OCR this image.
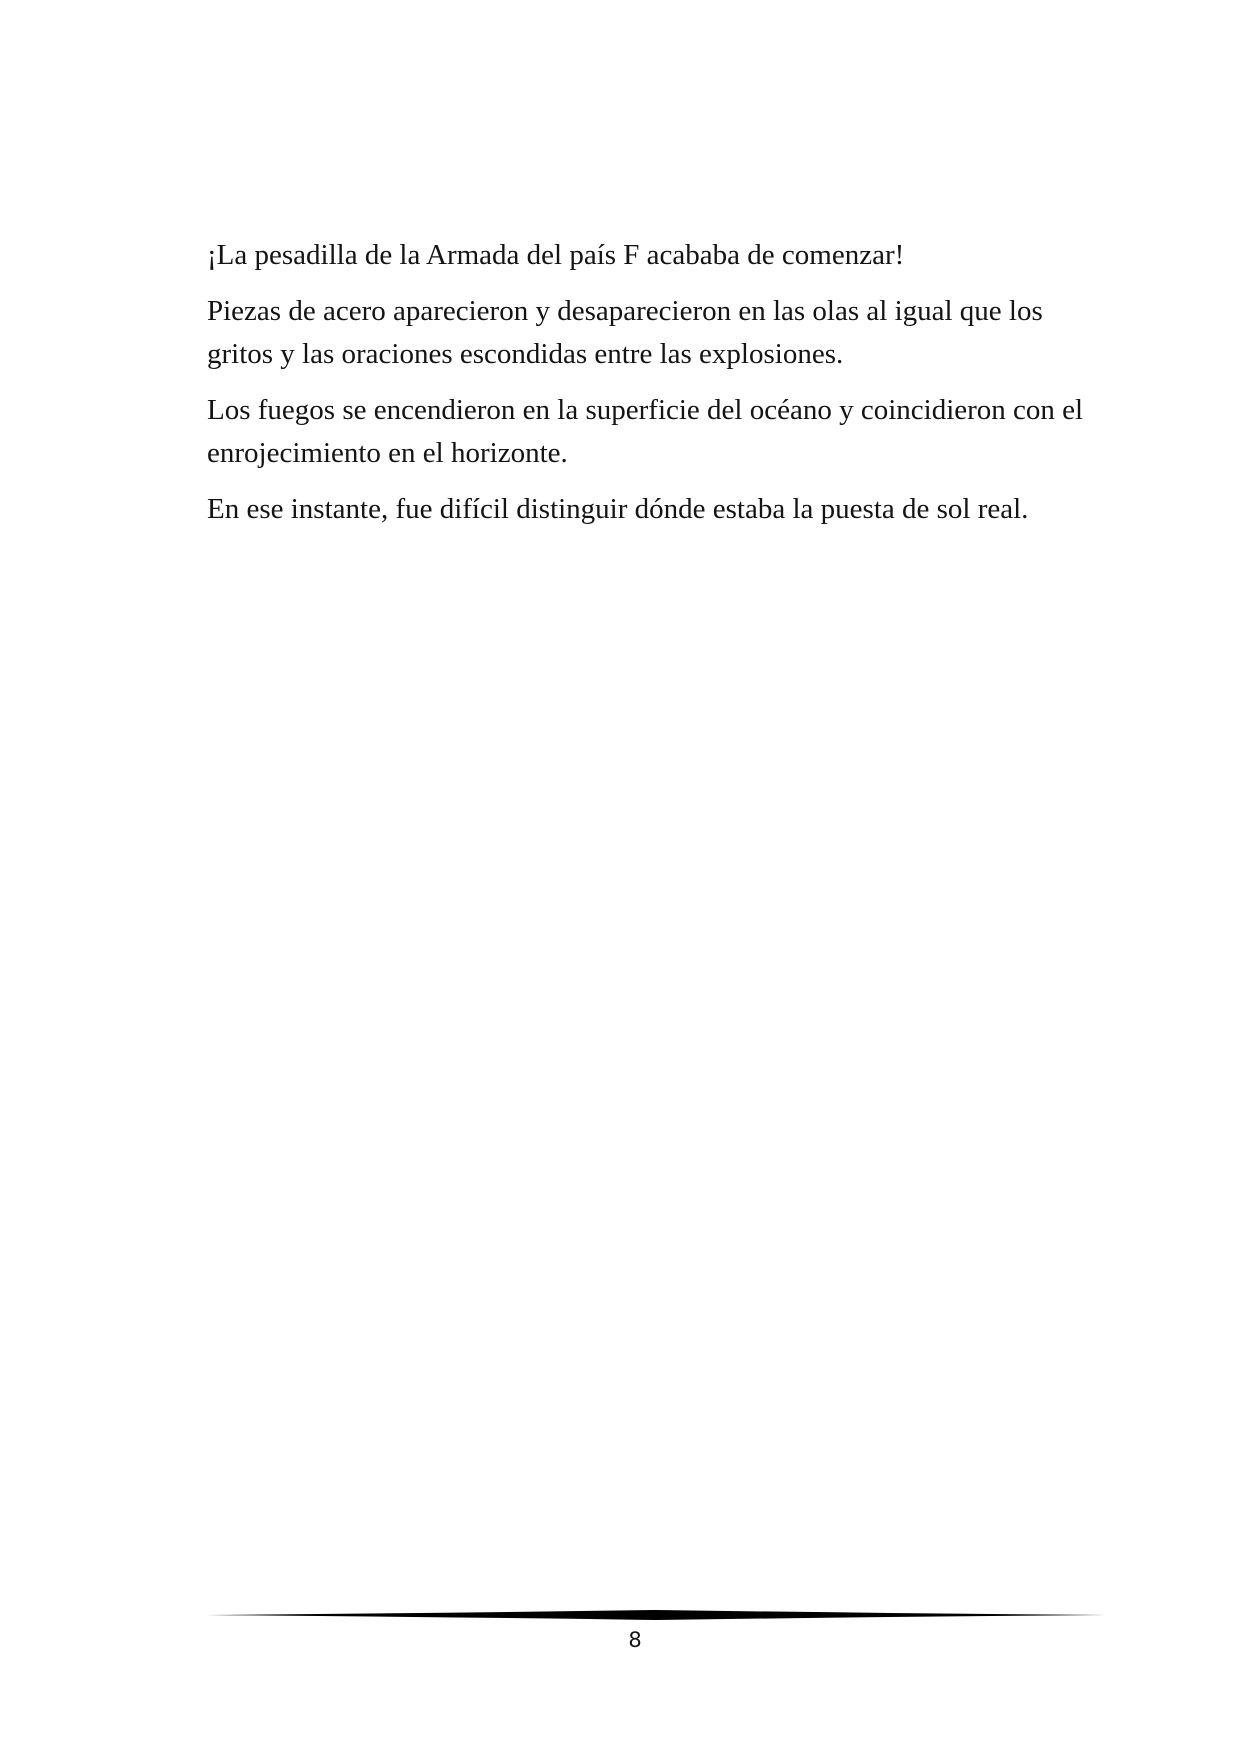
¡La pesadilla de la Armada del país F acababa de comenzar!

Piezas de acero aparecieron y desaparecieron en las olas al igual que los gritos y las oraciones escondidas entre las explosiones.

Los fuegos se encendieron en la superficie del océano y coincidieron con el enrojecimiento en el horizonte.

En ese instante, fue difícil distinguir dónde estaba la puesta de sol real.

8
